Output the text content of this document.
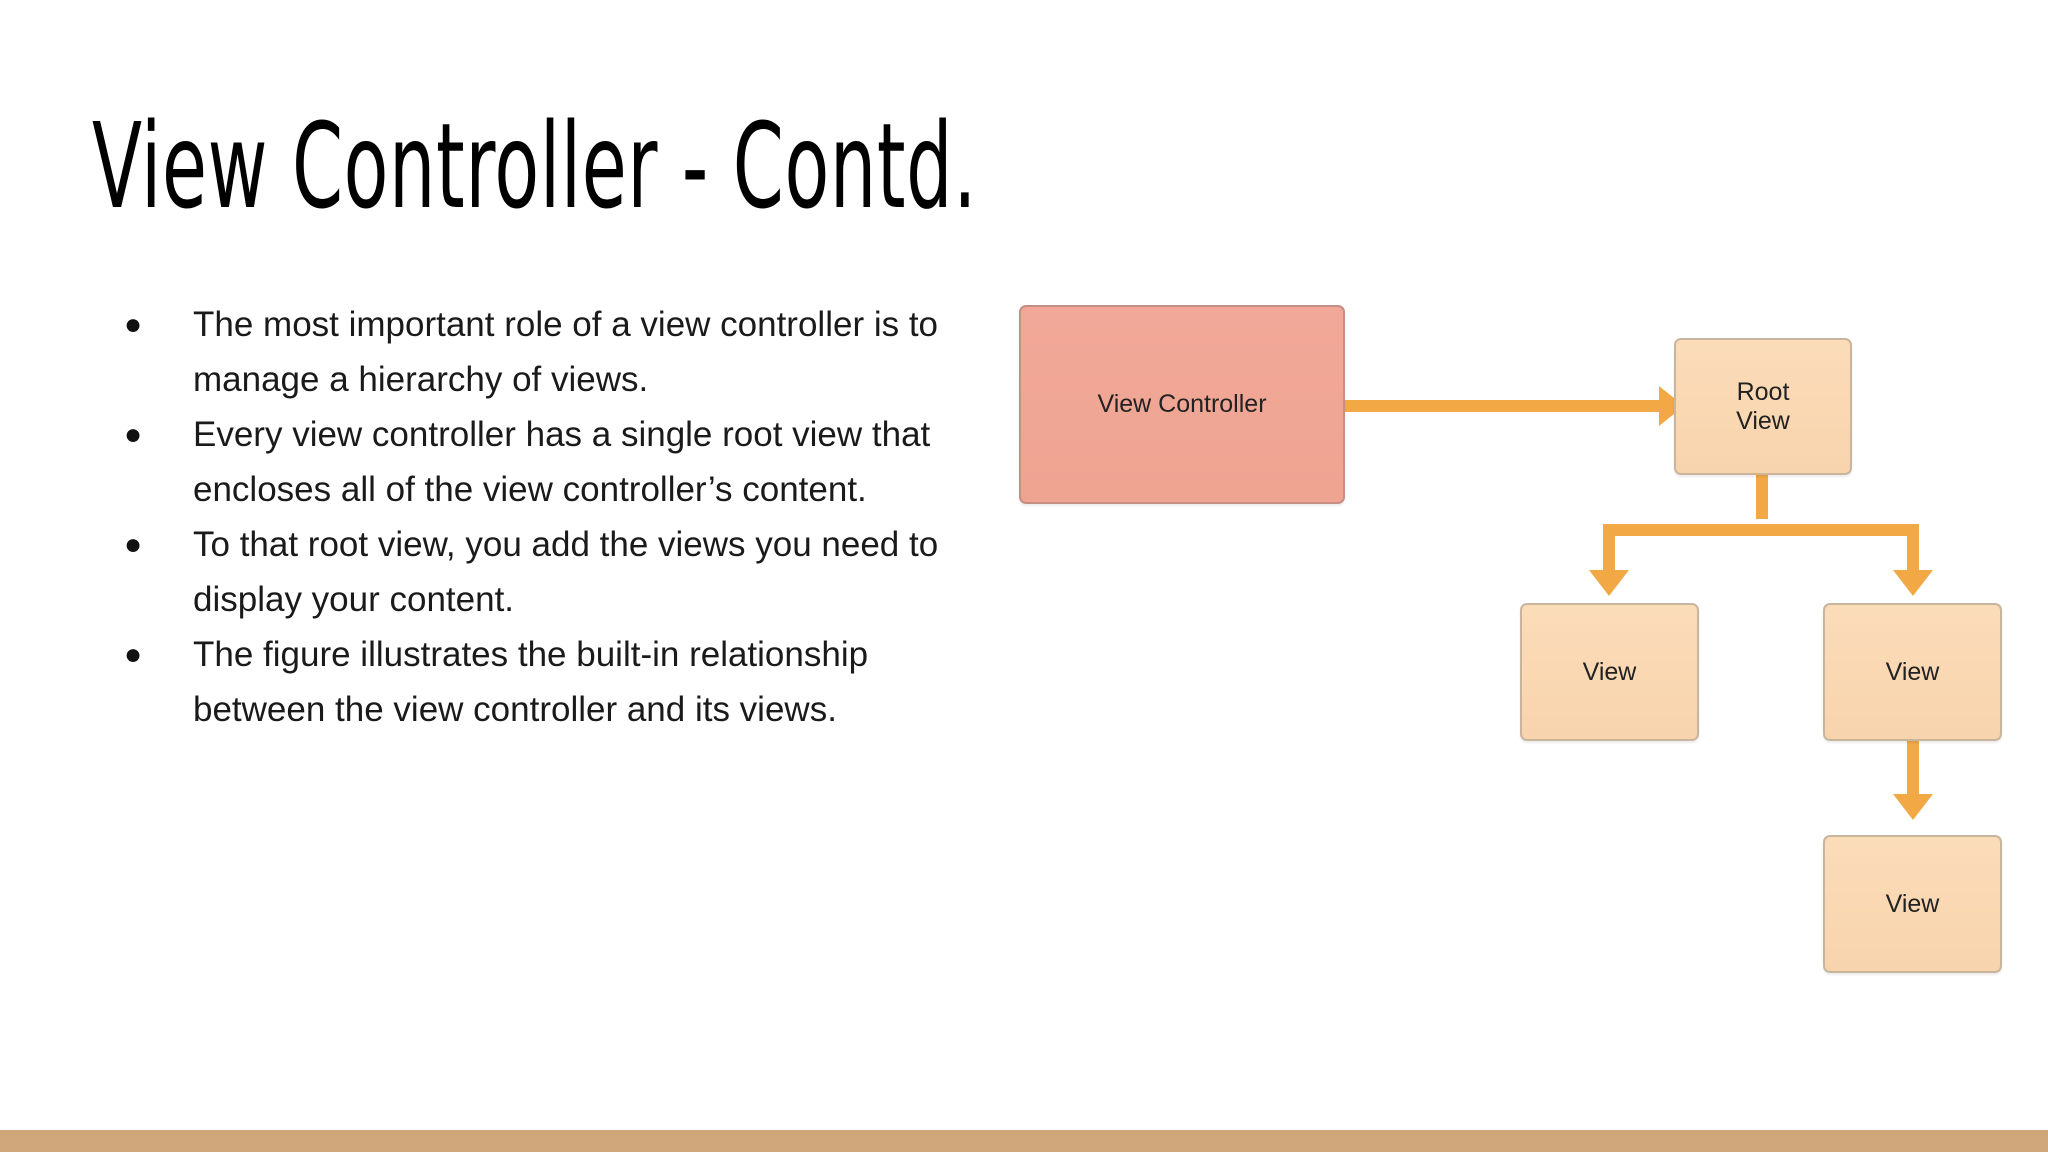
View Controller - Contd.
● The most important role of a view controller is to manage a hierarchy of views.
● Every view controller has a single root view that encloses all of the view controller’s content.
● To that root view, you add the views you need to display your content.
● The figure illustrates the built-in relationship between the view controller and its views.
View Controller	Root
View
View	View
View
